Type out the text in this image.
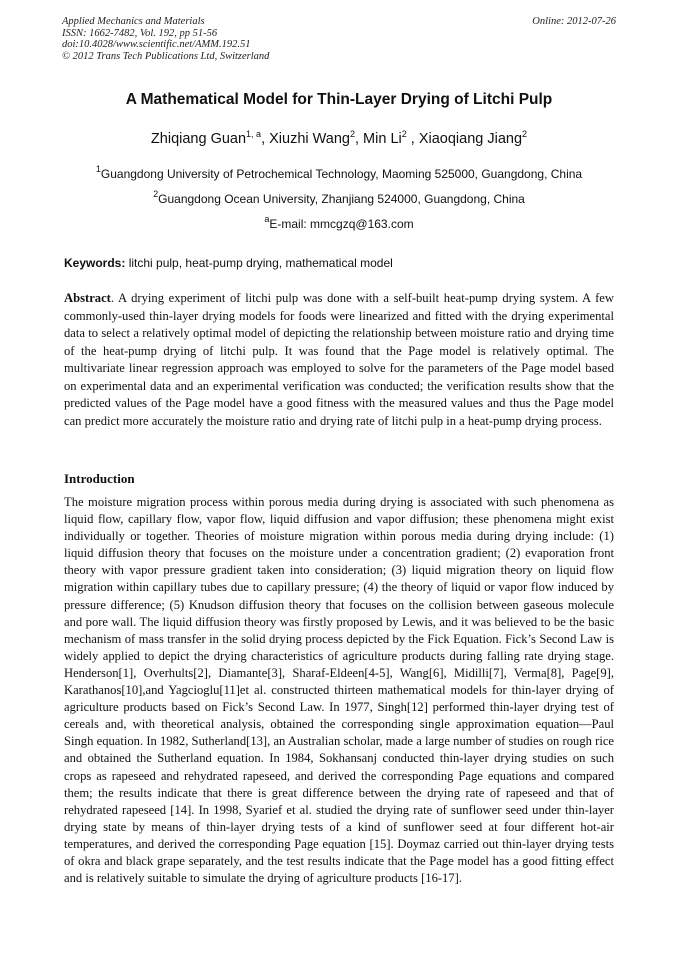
Applied Mechanics and Materials
ISSN: 1662-7482, Vol. 192, pp 51-56
doi:10.4028/www.scientific.net/AMM.192.51
© 2012 Trans Tech Publications Ltd, Switzerland
Online: 2012-07-26
A Mathematical Model for Thin-Layer Drying of Litchi Pulp
Zhiqiang Guan$^{1, a}$, Xiuzhi Wang$^2$, Min Li$^2$ , Xiaoqiang Jiang$^2$
$^1$Guangdong University of Petrochemical Technology, Maoming 525000, Guangdong, China
$^2$Guangdong Ocean University, Zhanjiang 524000, Guangdong, China
$^a$E-mail: mmcgzq@163.com
Keywords: litchi pulp, heat-pump drying, mathematical model
Abstract. A drying experiment of litchi pulp was done with a self-built heat-pump drying system. A few commonly-used thin-layer drying models for foods were linearized and fitted with the drying experimental data to select a relatively optimal model of depicting the relationship between moisture ratio and drying time of the heat-pump drying of litchi pulp. It was found that the Page model is relatively optimal. The multivariate linear regression approach was employed to solve for the parameters of the Page model based on experimental data and an experimental verification was conducted; the verification results show that the predicted values of the Page model have a good fitness with the measured values and thus the Page model can predict more accurately the moisture ratio and drying rate of litchi pulp in a heat-pump drying process.
Introduction
The moisture migration process within porous media during drying is associated with such phenomena as liquid flow, capillary flow, vapor flow, liquid diffusion and vapor diffusion; these phenomena might exist individually or together. Theories of moisture migration within porous media during drying include: (1) liquid diffusion theory that focuses on the moisture under a concentration gradient; (2) evaporation front theory with vapor pressure gradient taken into consideration; (3) liquid migration theory on liquid flow migration within capillary tubes due to capillary pressure; (4) the theory of liquid or vapor flow induced by pressure difference; (5) Knudson diffusion theory that focuses on the collision between gaseous molecule and pore wall. The liquid diffusion theory was firstly proposed by Lewis, and it was believed to be the basic mechanism of mass transfer in the solid drying process depicted by the Fick Equation. Fick’s Second Law is widely applied to depict the drying characteristics of agriculture products during falling rate drying stage. Henderson[1], Overhults[2], Diamante[3], Sharaf-Eldeen[4-5], Wang[6], Midilli[7], Verma[8], Page[9], Karathanos[10],and Yagcioglu[11]et al. constructed thirteen mathematical models for thin-layer drying of agriculture products based on Fick’s Second Law. In 1977, Singh[12] performed thin-layer drying test of cereals and, with theoretical analysis, obtained the corresponding single approximation equation—Paul Singh equation. In 1982, Sutherland[13], an Australian scholar, made a large number of studies on rough rice and obtained the Sutherland equation. In 1984, Sokhansanj conducted thin-layer drying studies on such crops as rapeseed and rehydrated rapeseed, and derived the corresponding Page equations and compared them; the results indicate that there is great difference between the drying rate of rapeseed and that of rehydrated rapeseed [14]. In 1998, Syarief et al. studied the drying rate of sunflower seed under thin-layer drying state by means of thin-layer drying tests of a kind of sunflower seed at four different hot-air temperatures, and derived the corresponding Page equation [15]. Doymaz carried out thin-layer drying tests of okra and black grape separately, and the test results indicate that the Page model has a good fitting effect and is relatively suitable to simulate the drying of agriculture products [16-17].
